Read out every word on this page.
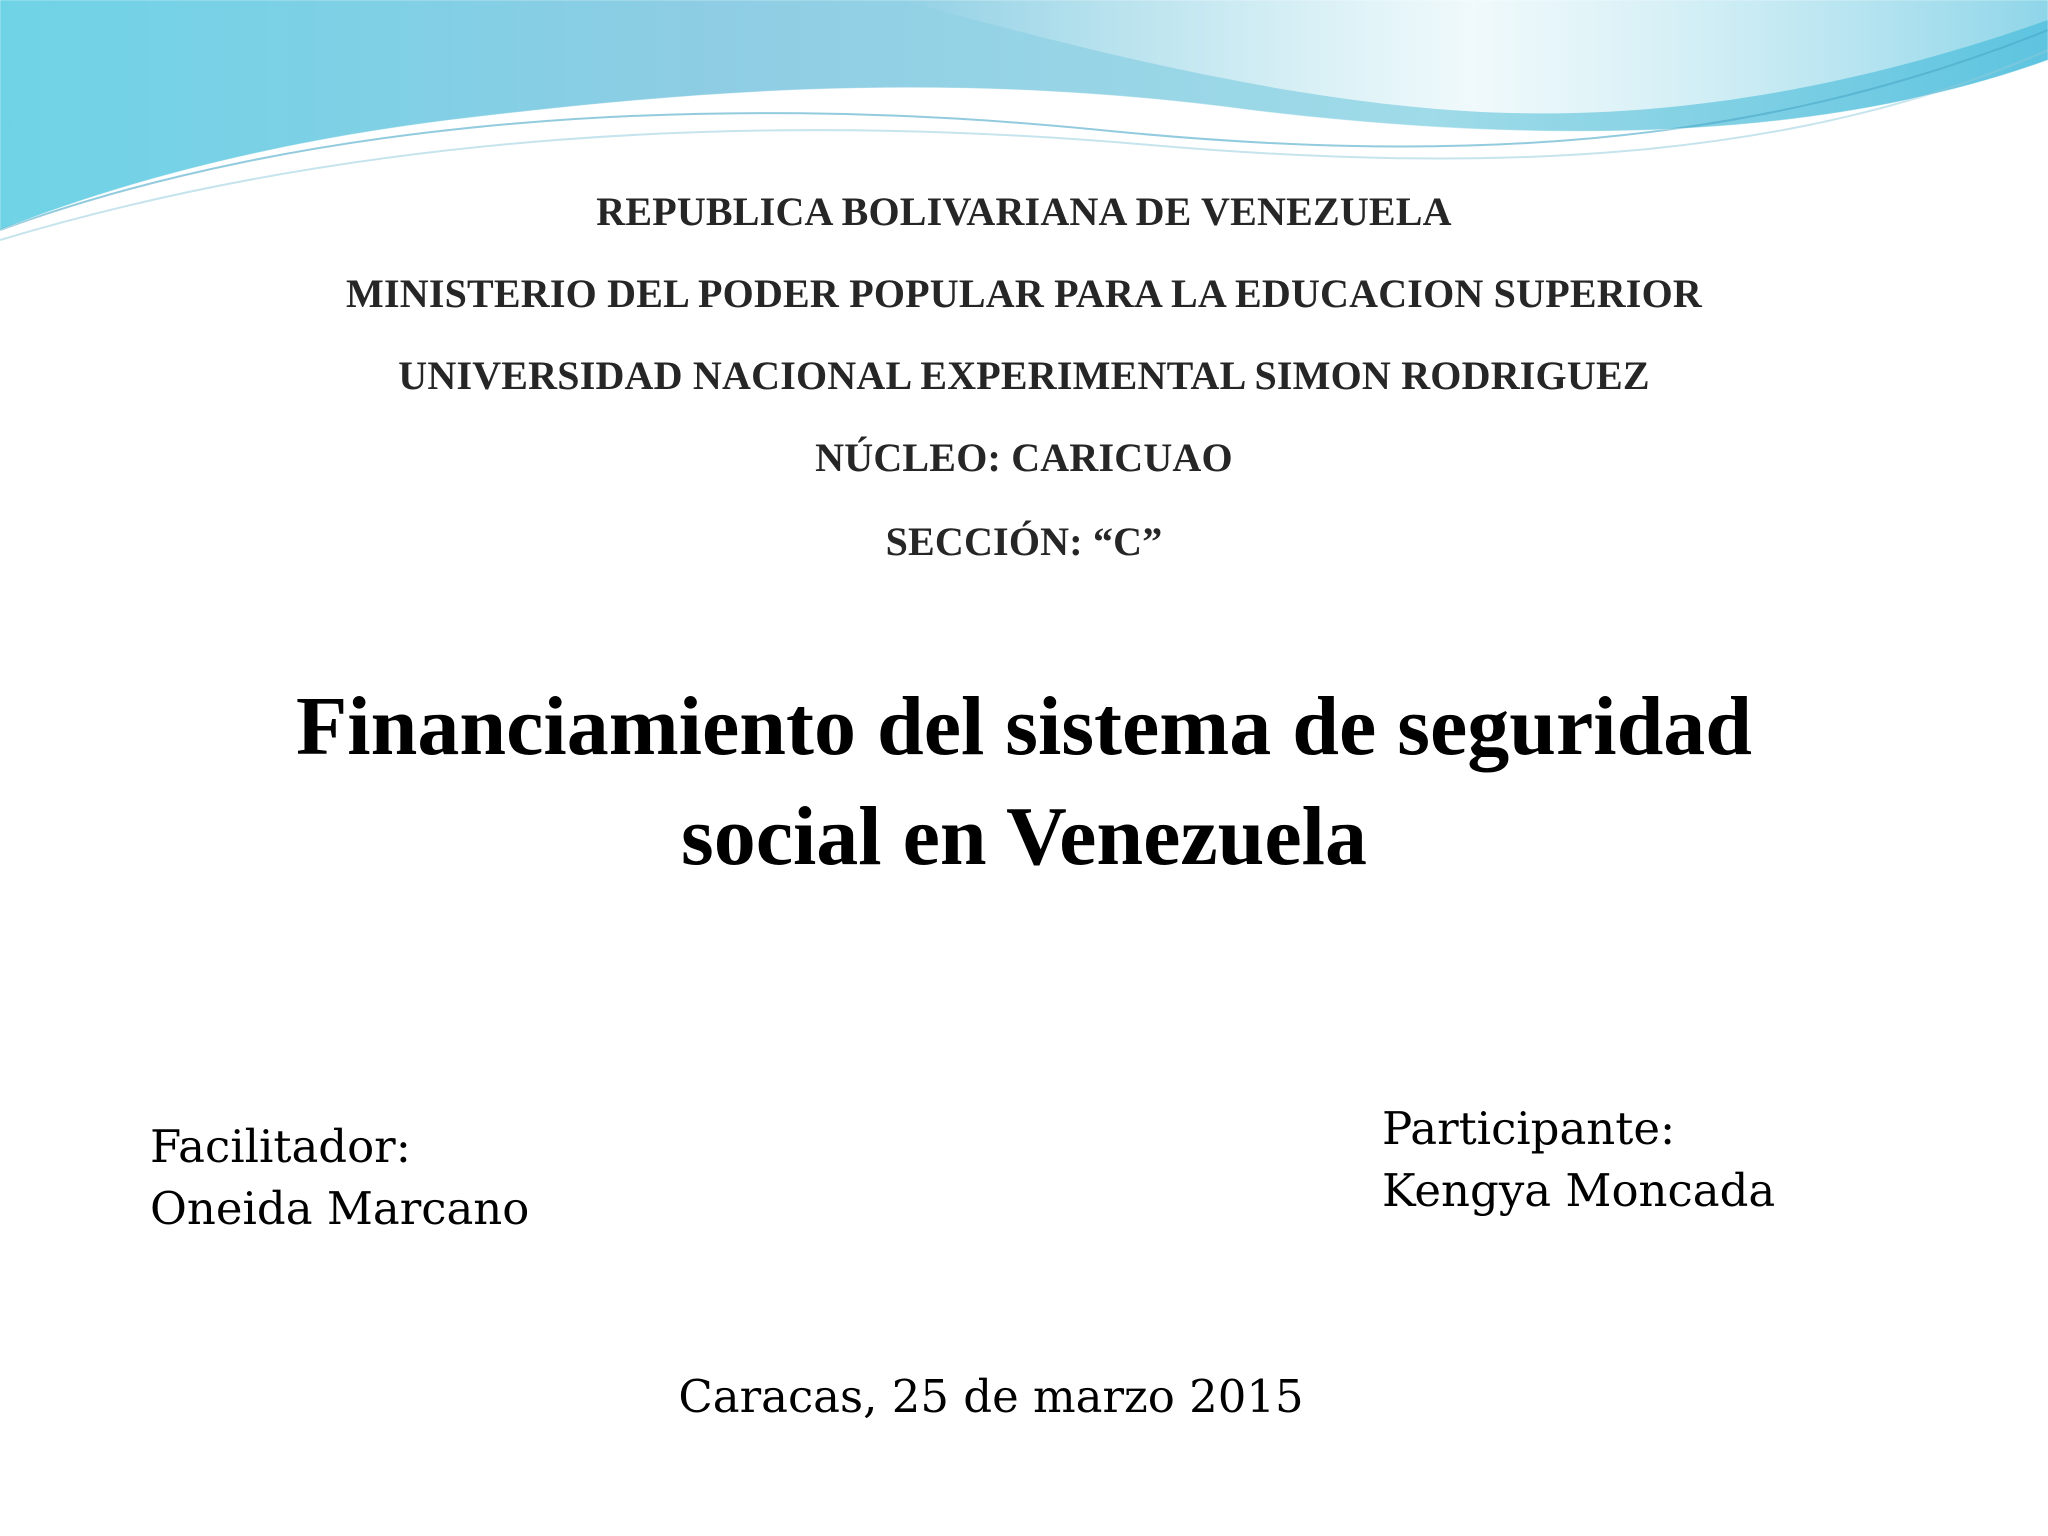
REPUBLICA BOLIVARIANA DE VENEZUELA
MINISTERIO DEL PODER POPULAR PARA LA EDUCACION SUPERIOR
UNIVERSIDAD NACIONAL EXPERIMENTAL SIMON RODRIGUEZ
NÚCLEO: CARICUAO
SECCIÓN: “C”
Financiamiento del sistema de seguridad
social en Venezuela
Facilitador:
Oneida Marcano
Participante:
Kengya Moncada
Caracas, 25 de marzo 2015
